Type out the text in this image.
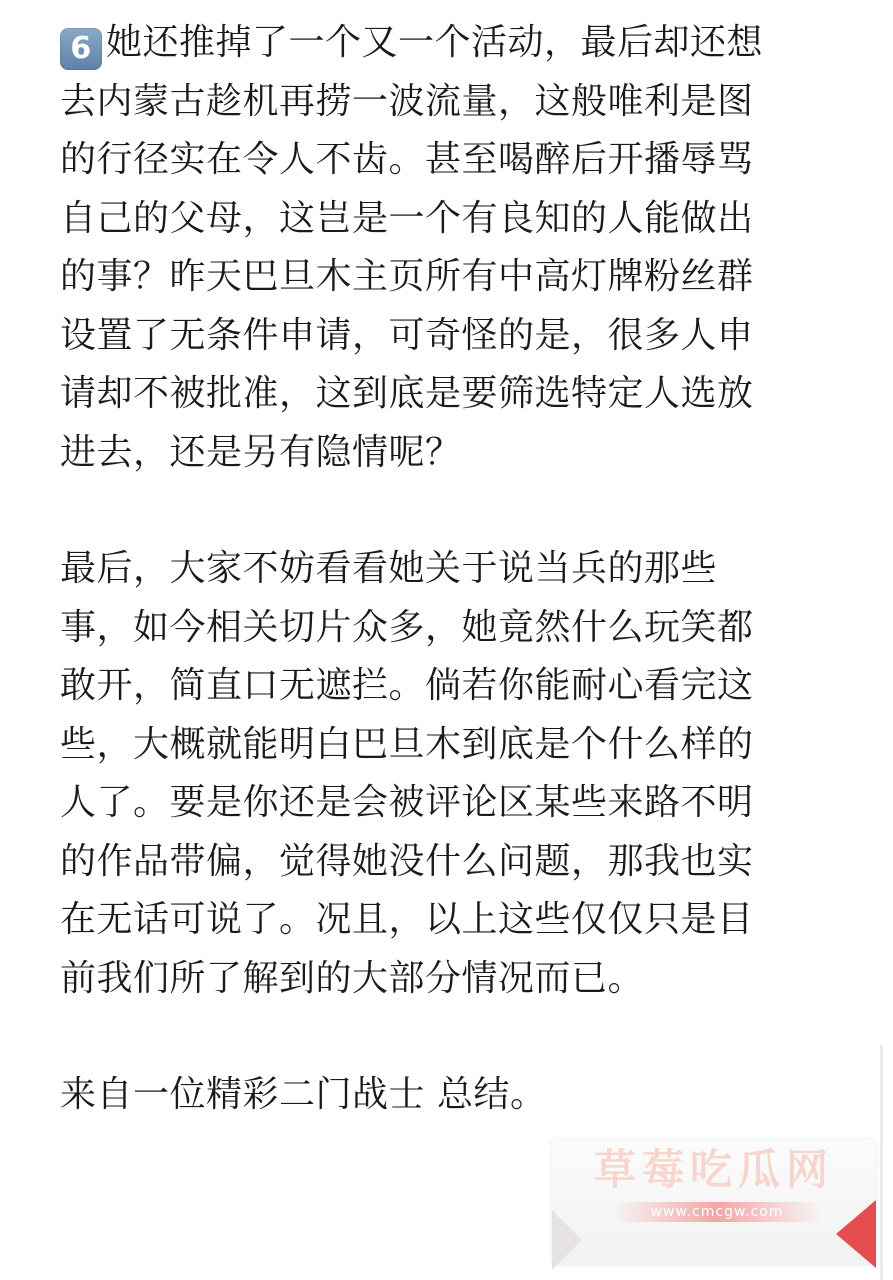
6 她还推掉了一个又一个活动，最后却还想
去内蒙古趁机再捞一波流量，这般唯利是图
的行径实在令人不齿。甚至喝醉后开播辱骂
自己的父母，这岂是一个有良知的人能做出
的事？昨天巴旦木主页所有中高灯牌粉丝群
设置了无条件申请，可奇怪的是，很多人申
请却不被批准，这到底是要筛选特定人选放
进去，还是另有隐情呢？

最后，大家不妨看看她关于说当兵的那些
事，如今相关切片众多，她竟然什么玩笑都
敢开，简直口无遮拦。倘若你能耐心看完这
些，大概就能明白巴旦木到底是个什么样的
人了。要是你还是会被评论区某些来路不明
的作品带偏，觉得她没什么问题，那我也实
在无话可说了。况且，以上这些仅仅只是目
前我们所了解到的大部分情况而已。

来自一位精彩二门战士 总结。

草莓吃瓜网
www.cmcgw.com
